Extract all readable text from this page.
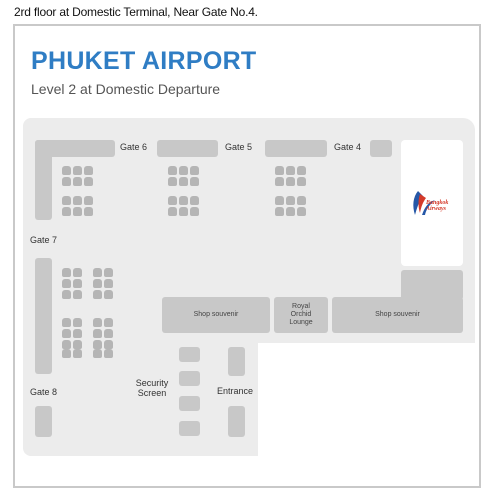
2rd floor at Domestic Terminal, Near Gate No.4.
PHUKET AIRPORT
Level 2 at Domestic Departure
Gate 6	Gate 5	Gate 4
Bangkok
Airways
Gate 7
Gate 8
Shop souvenir
Royal
Orchid
Lounge
Shop souvenir
Security
Screen	Entrance
